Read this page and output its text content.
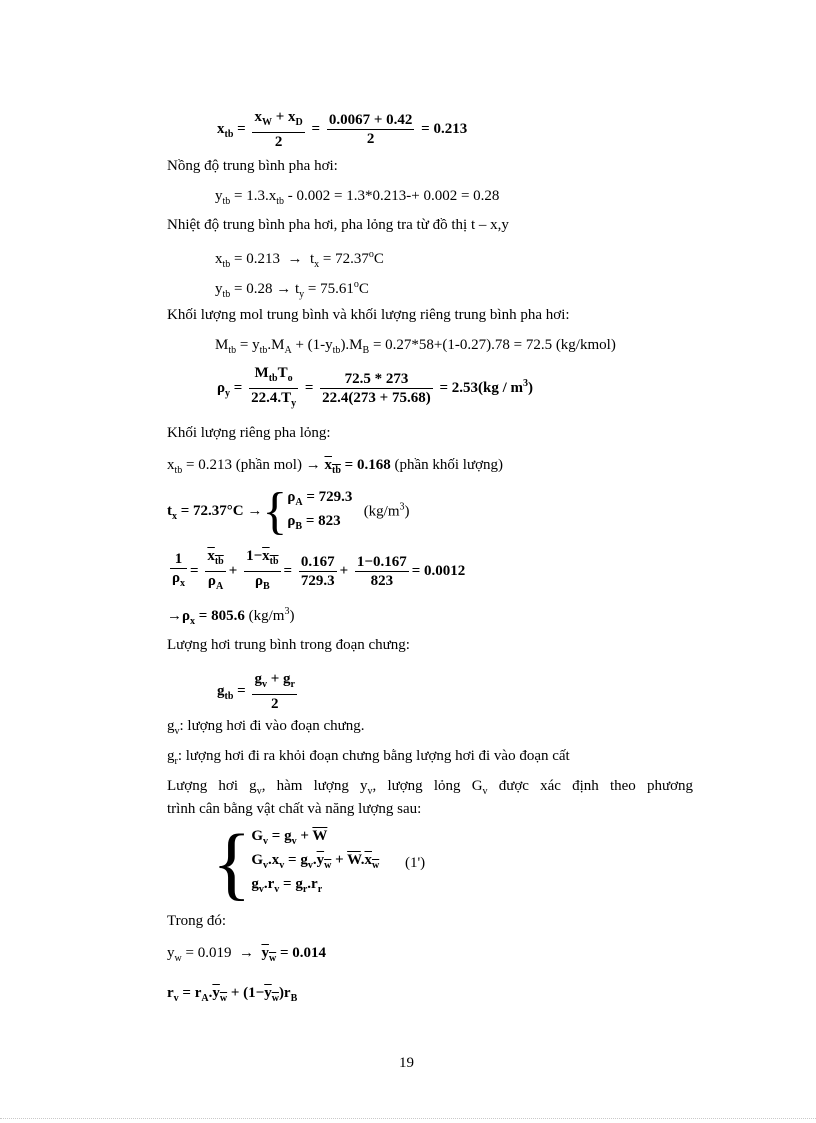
$x_{tb} = \frac{x_W + x_D}{2} = \frac{0.0067 + 0.42}{2} = 0.213$
Nồng độ trung bình pha hơi:
$y_{tb} = 1.3.x_{tb} - 0.002 = 1.3*0.213-+ 0.002 = 0.28$
Nhiệt độ trung bình pha hơi, pha lỏng tra từ đồ thị t – x,y
$x_{tb} = 0.213 \to t_x = 72.37^oC$
$y_{tb} = 0.28 \to t_y = 75.61^oC$
Khối lượng mol trung bình và khối lượng riêng trung bình pha hơi:
$M_{tb} = y_{tb}.M_A + (1-y_{tb}).M_B = 0.27*58+(1-0.27).78 = 72.5$ (kg/kmol)
$\rho_y = \frac{M_{tb}T_o}{22.4.T_y} = \frac{72.5 * 273}{22.4(273 + 75.68)} = 2.53(kg / m^3)$
Khối lượng riêng pha lỏng:
$x_{tb} = 0.213$ (phần $mol) \to x_{tb} = 0.168$ (phần khối lượng)
$t_x = 72.37^\circ C$ →{ $\rho_A = 729.3$
$\rho_B = 823$
$(kg/m^3)$
$\frac{1}{\rho_x} = \frac{x_{tb}}{\rho_A} + \frac{1-x_{tb}}{\rho_B} = \frac{0.167}{729.3} + \frac{1-0.167}{823} = 0.0012$
$\to\rho_x = 805.6$ $(kg/m^3)$
Lượng hơi trung bình trong đoạn chưng:
$g_{tb} = \frac{g_v + g_r}{2}$
$g_v$: lượng hơi đi vào đoạn chưng.
$g_r$: lượng hơi đi ra khỏi đoạn chưng bằng lượng hơi đi vào đoạn cất
Lượng hơi $g_v$, hàm lượng $y_v$, lượng lỏng $G_v$ được xác định theo phương
trình cân bằng vật chất và năng lượng sau:
{ $G_v = g_v + \overline{W}$
$G_v.x_v = g_v.y_w + \overline{W}.x_w$
$g_v.r_v = g_r.r_r$
(1')
Trong đó:
$y_w = 0.019 \to y_w = 0.014$
$r_v = r_A.y_w + (1-y_w)r_B$
19
